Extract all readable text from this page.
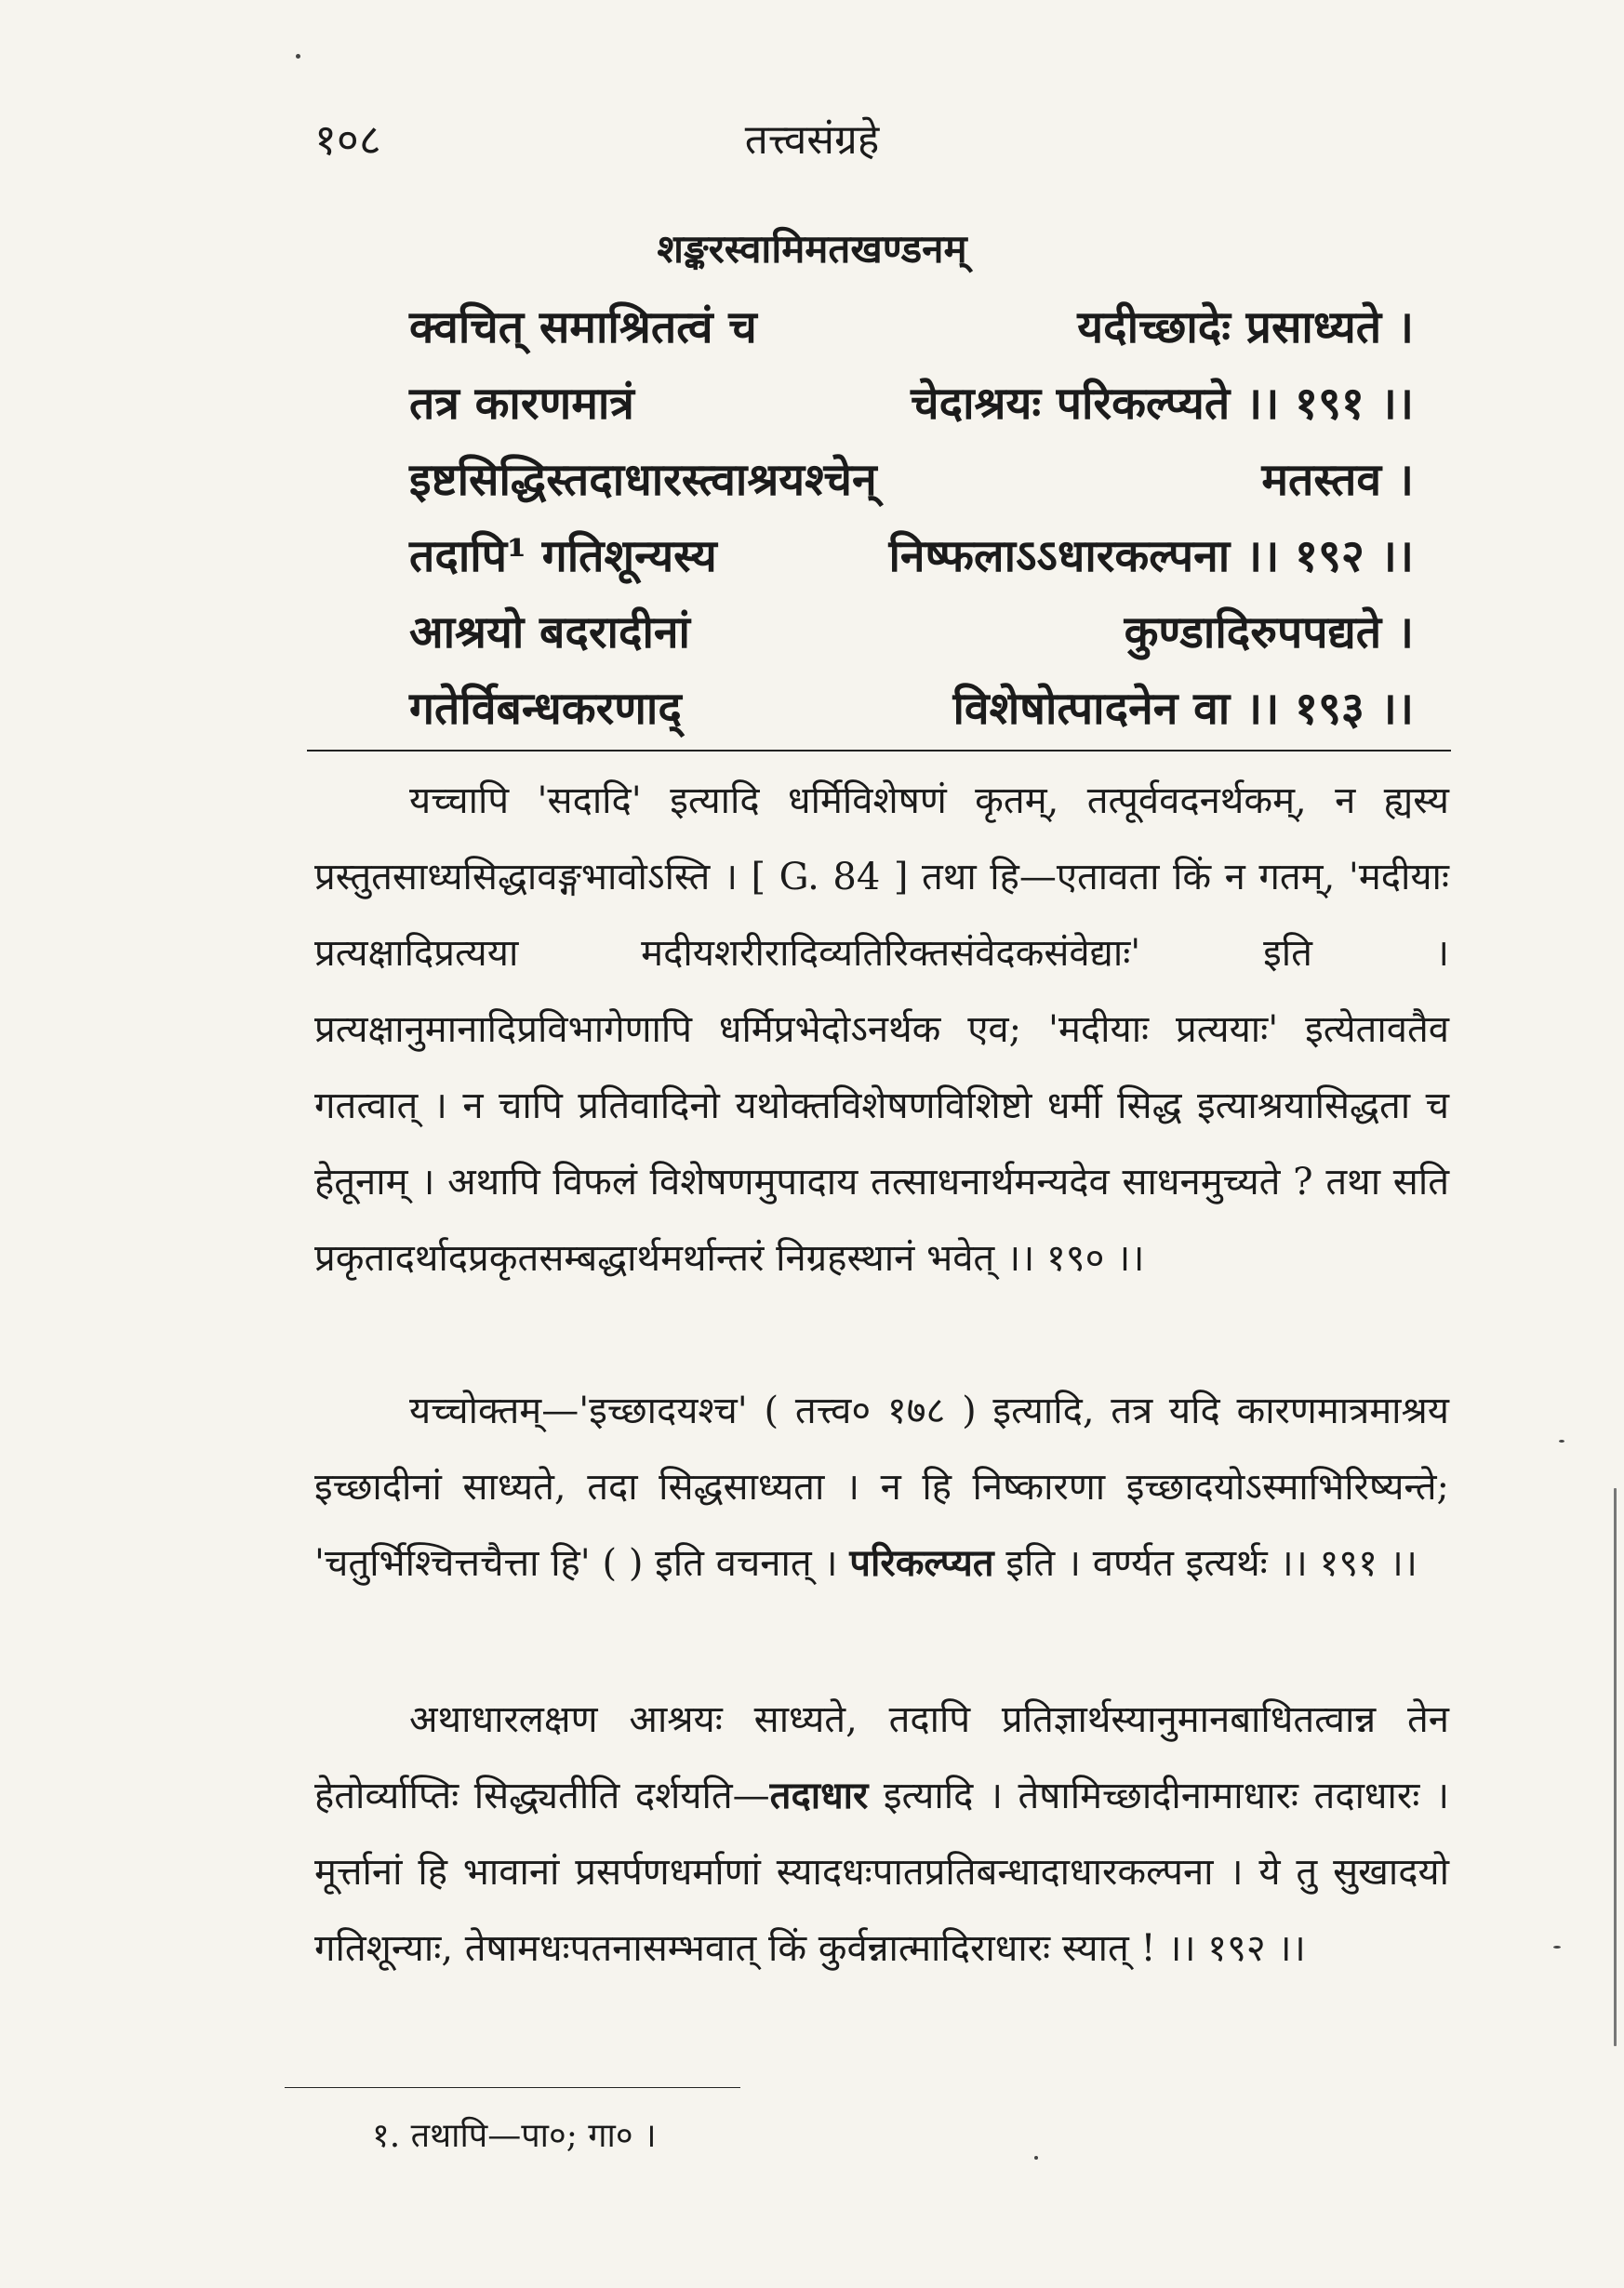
१०८	तत्त्वसंग्रहे
शङ्करस्वामिमतखण्डनम्
क्वचित् समाश्रितत्वं च	यदीच्छादेः प्रसाध्यते ।
तत्र कारणमात्रं	चेदाश्रयः परिकल्प्यते ।। १९१ ।।
इष्टसिद्धिस्तदाधारस्त्वाश्रयश्चेन्	मतस्तव ।
तदापि¹ गतिशून्यस्य	निष्फलाऽऽधारकल्पना ।। १९२ ।।
आश्रयो बदरादीनां	कुण्डादिरुपपद्यते ।
गतेर्विबन्धकरणाद्	विशेषोत्पादनेन वा ।। १९३ ।।
यच्चापि 'सदादि' इत्यादि धर्मिविशेषणं कृतम्, तत्पूर्ववदनर्थकम्, न ह्यस्य प्रस्तुतसाध्यसिद्धावङ्गभावोऽस्ति । [ G. 84 ] तथा हि—एतावता किं न गतम्, 'मदीयाः प्रत्यक्षादिप्रत्यया मदीयशरीरादिव्यतिरिक्तसंवेदकसंवेद्याः' इति । प्रत्यक्षानुमानादिप्रविभागेणापि धर्मिप्रभेदोऽनर्थक एव; 'मदीयाः प्रत्ययाः' इत्येतावतैव गतत्वात् । न चापि प्रतिवादिनो यथोक्तविशेषणविशिष्टो धर्मी सिद्ध इत्याश्रयासिद्धता च हेतूनाम् । अथापि विफलं विशेषणमुपादाय तत्साधनार्थमन्यदेव साधनमुच्यते ? तथा सति प्रकृतादर्थादप्रकृतसम्बद्धार्थमर्थान्तरं निग्रहस्थानं भवेत् ।। १९० ।।
यच्चोक्तम्—'इच्छादयश्च' ( तत्त्व० १७८ ) इत्यादि, तत्र यदि कारणमात्रमाश्रय इच्छादीनां साध्यते, तदा सिद्धसाध्यता । न हि निष्कारणा इच्छादयोऽस्माभिरिष्यन्ते; 'चतुर्भिश्चित्तचैत्ता हि' ( ) इति वचनात् । परिकल्प्यत इति । वर्ण्यत इत्यर्थः ।। १९१ ।।
अथाधारलक्षण आश्रयः साध्यते, तदापि प्रतिज्ञार्थस्यानुमानबाधितत्वान्न तेन हेतोर्व्याप्तिः सिद्ध्यतीति दर्शयति—तदाधार इत्यादि । तेषामिच्छादीनामाधारः तदाधारः । मूर्त्तानां हि भावानां प्रसर्पणधर्माणां स्यादधःपातप्रतिबन्धादाधारकल्पना । ये तु सुखादयो गतिशून्याः, तेषामधःपतनासम्भवात् किं कुर्वन्नात्मादिराधारः स्यात् ! ।। १९२ ।।
१. तथापि—पा०; गा० ।
